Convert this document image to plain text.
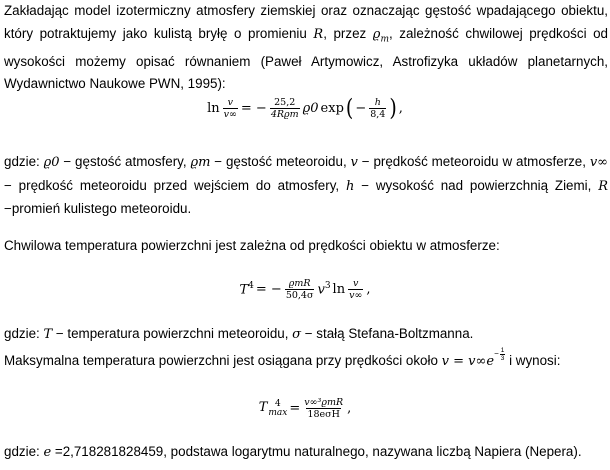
Zakładając model izotermiczny atmosfery ziemskiej oraz oznaczając gęstość wpadającego obiektu, który potraktujemy jako kulistą bryłę o promieniu R, przez $ϱ_m$, zależność chwilowej prędkości od wysokości możemy opisać równaniem (Paweł Artymowicz, Astrofizyka układów planetarnych, Wydawnictwo Naukowe PWN, 1995):
$\ln \frac{v}{v\infty}$ = − $\frac{25,2}{\text{4Rϱm}} ϱ0$ exp ( − $\frac{h}{8,4}$ ) ,
gdzie: ϱ0 − gęstość atmosfery, ϱm − gęstość meteoroidu, v − prędkość meteoroidu w atmosferze, v∞ − prędkość meteoroidu przed wejściem do atmosfery, h − wysokość nad powierzchnią Ziemi, R −promień kulistego meteoroidu.
Chwilowa temperatura powierzchni jest zależna od prędkości obiektu w atmosferze:
$T^4$ = − $\frac{\text{ϱmR}}{50,4\sigma} v^3$ $\ln \frac{v}{v\infty}$ ,
gdzie: T − temperatura powierzchni meteoroidu, σ − stałą Stefana-Boltzmanna.
Maksymalna temperatura powierzchni jest osiągana przy prędkości około v = v∞e
− $\frac{1}{3}$ i wynosi:
T 4
$\max = \frac{\text{v∞³ϱmR}}{\text{18eσH}}$ ,
gdzie: e =2,718281828459, podstawa logarytmu naturalnego, nazywana liczbą Napiera (Nepera).
